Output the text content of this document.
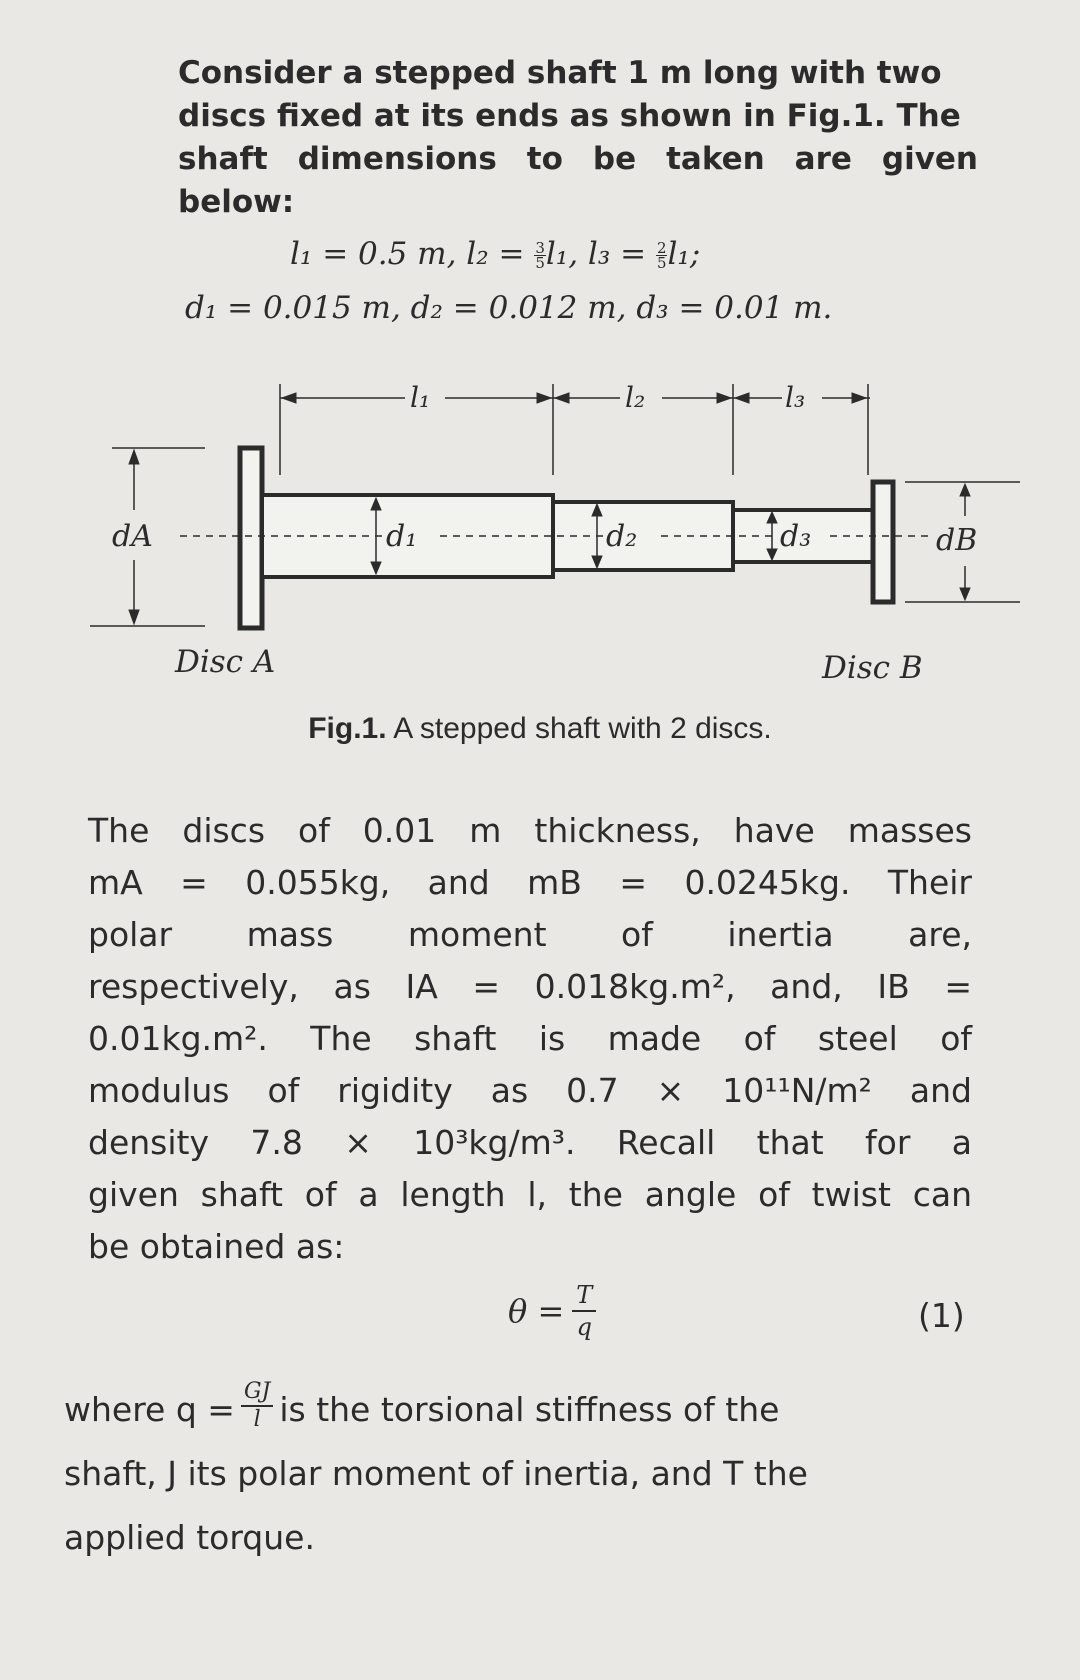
Consider a stepped shaft 1 m long with two
discs fixed at its ends as shown in Fig.1. The
shaft dimensions to be taken are given below:
l₁ = 0.5 m, $l_2 = \frac{3}{5} l_1$, $l_3 = \frac{2}{5} l_1$;
d₁ = 0.015 m, d₂ = 0.012 m, d₃ = 0.01 m.
l₁	l₂	l₃
dA	d₁	d₂	d₃	dB
Disc A	Disc B
Fig.1. A stepped shaft with 2 discs.
The discs of 0.01 m thickness, have masses
mA = 0.055kg, and mB = 0.0245kg. Their
polar mass moment of inertia are,
respectively, as IA = 0.018kg.m², and, IB =
0.01kg.m². The shaft is made of steel of
modulus of rigidity as 0.7 × 10¹¹N/m² and
density 7.8 × 10³kg/m³. Recall that for a
given shaft of a length l, the angle of twist can
be obtained as:
$\theta = \frac{T}{q}$	(1)
where $q = \frac{GJ}{l}$ is the torsional stiffness of the
shaft, J its polar moment of inertia, and T the
applied torque.
